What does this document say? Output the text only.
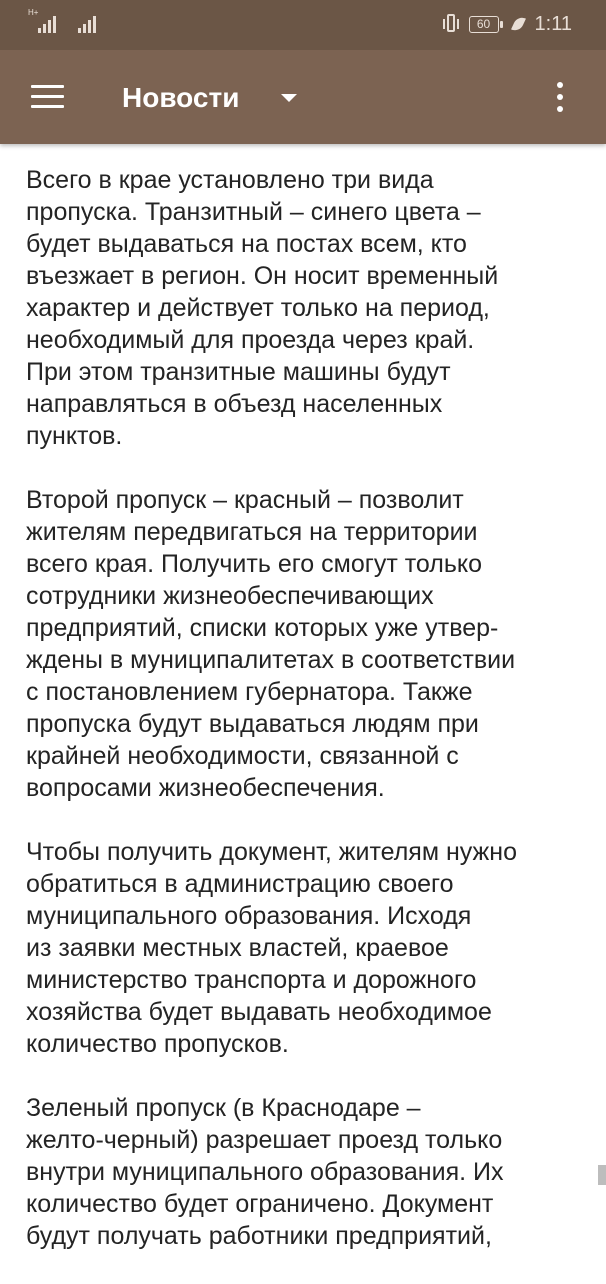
H+
60	1:11
Новости

Всего в крае установлено три вида
пропуска. Транзитный – синего цвета –
будет выдаваться на постах всем, кто
въезжает в регион. Он носит временный
характер и действует только на период,
необходимый для проезда через край.
При этом транзитные машины будут
направляться в объезд населенных
пунктов.

Второй пропуск – красный – позволит
жителям передвигаться на территории
всего края. Получить его смогут только
сотрудники жизнеобеспечивающих
предприятий, списки которых уже утвер-
ждены в муниципалитетах в соответствии
с постановлением губернатора. Также
пропуска будут выдаваться людям при
крайней необходимости, связанной с
вопросами жизнеобеспечения.

Чтобы получить документ, жителям нужно
обратиться в администрацию своего
муниципального образования. Исходя
из заявки местных властей, краевое
министерство транспорта и дорожного
хозяйства будет выдавать необходимое
количество пропусков.

Зеленый пропуск (в Краснодаре –
желто-черный) разрешает проезд только
внутри муниципального образования. Их
количество будет ограничено. Документ
будут получать работники предприятий,
